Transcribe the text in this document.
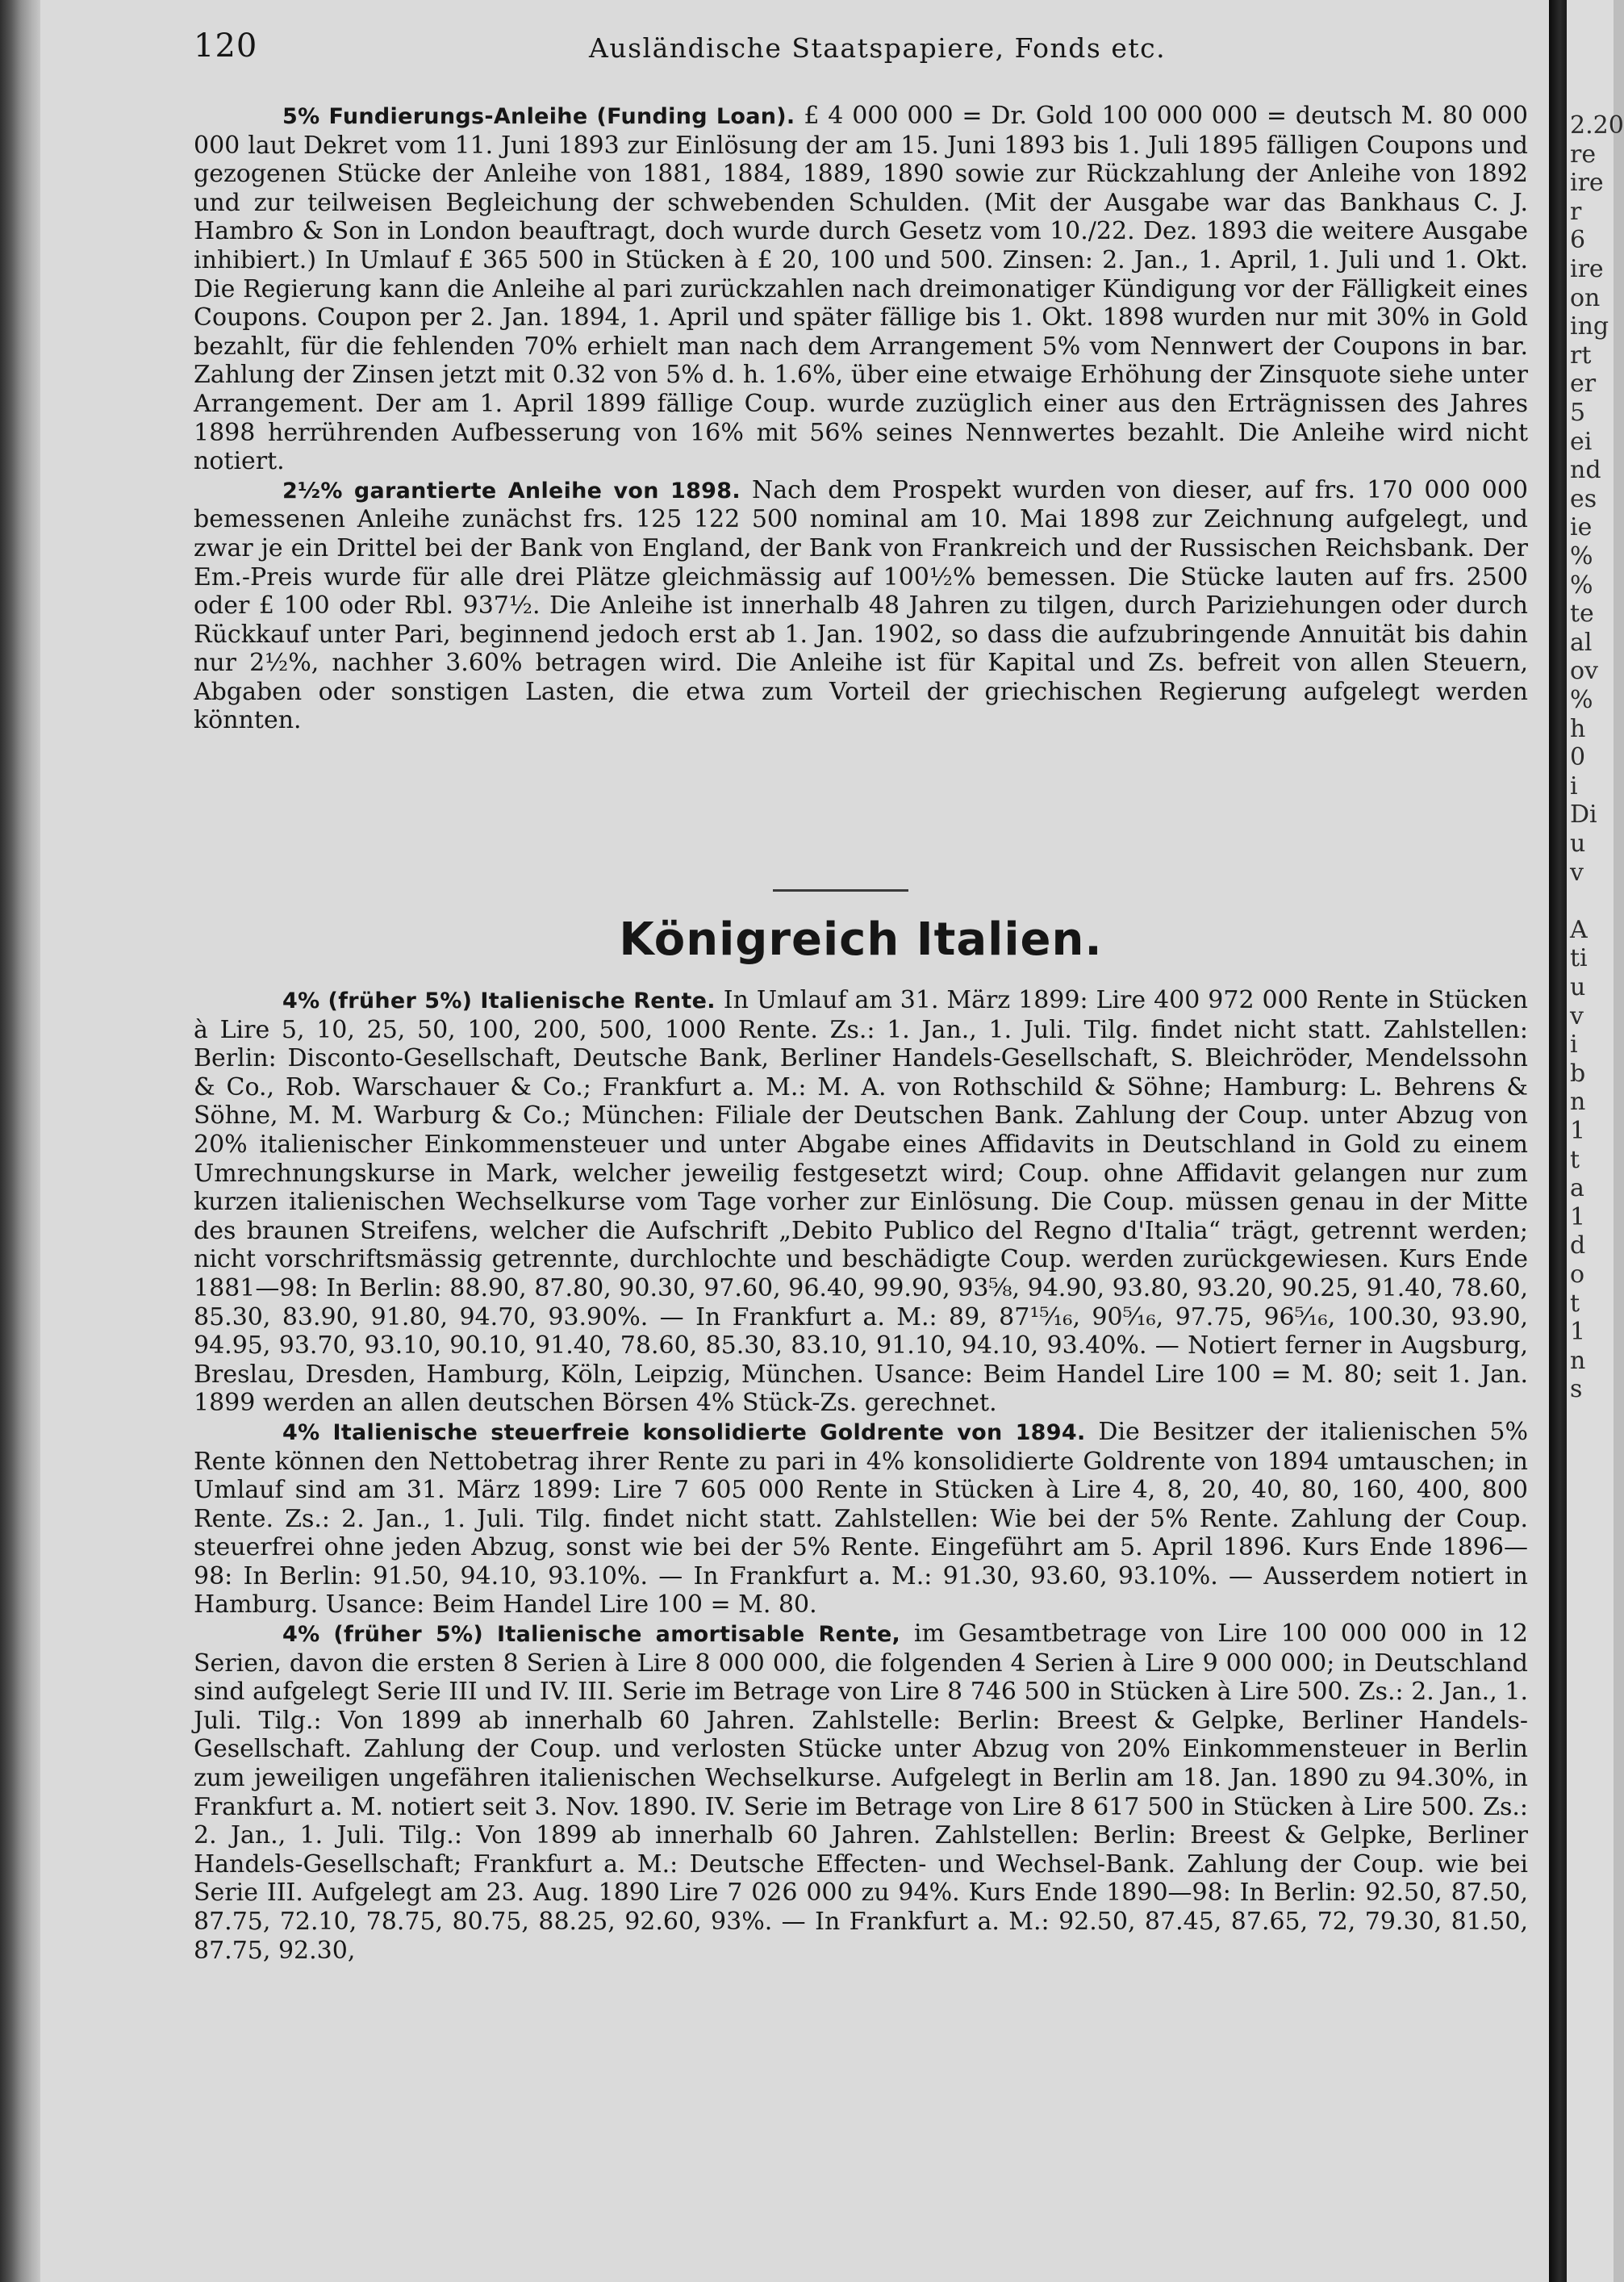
2.20
re
ire
r
6
ire
on
ing
rt
er
5
ei
nd
es
ie
%
%
te
al
ov
%
h
0
i
Di
u
v
A
ti
u
v
i
b
n
1
t
a
1
d
o
t
1
n
s
120	Ausländische Staatspapiere, Fonds etc.

5% Fundierungs-Anleihe (Funding Loan). £ 4 000 000 = Dr. Gold 100 000 000 = deutsch M. 80 000 000 laut Dekret vom 11. Juni 1893 zur Einlösung der am 15. Juni 1893 bis 1. Juli 1895 fälligen Coupons und gezogenen Stücke der Anleihe von 1881, 1884, 1889, 1890 sowie zur Rückzahlung der Anleihe von 1892 und zur teilweisen Begleichung der schwebenden Schulden. (Mit der Ausgabe war das Bankhaus C. J. Hambro & Son in London beauftragt, doch wurde durch Gesetz vom 10./22. Dez. 1893 die weitere Ausgabe inhibiert.) In Umlauf £ 365 500 in Stücken à £ 20, 100 und 500. Zinsen: 2. Jan., 1. April, 1. Juli und 1. Okt. Die Regierung kann die Anleihe al pari zurückzahlen nach dreimonatiger Kündigung vor der Fälligkeit eines Coupons. Coupon per 2. Jan. 1894, 1. April und später fällige bis 1. Okt. 1898 wurden nur mit 30% in Gold bezahlt, für die fehlenden 70% erhielt man nach dem Arrangement 5% vom Nennwert der Coupons in bar. Zahlung der Zinsen jetzt mit 0.32 von 5% d. h. 1.6%, über eine etwaige Erhöhung der Zinsquote siehe unter Arrangement. Der am 1. April 1899 fällige Coup. wurde zuzüglich einer aus den Erträgnissen des Jahres 1898 herrührenden Aufbesserung von 16% mit 56% seines Nennwertes bezahlt. Die Anleihe wird nicht notiert.

2½% garantierte Anleihe von 1898. Nach dem Prospekt wurden von dieser, auf frs. 170 000 000 bemessenen Anleihe zunächst frs. 125 122 500 nominal am 10. Mai 1898 zur Zeichnung aufgelegt, und zwar je ein Drittel bei der Bank von England, der Bank von Frankreich und der Russischen Reichsbank. Der Em.-Preis wurde für alle drei Plätze gleichmässig auf 100½% bemessen. Die Stücke lauten auf frs. 2500 oder £ 100 oder Rbl. 937½. Die Anleihe ist innerhalb 48 Jahren zu tilgen, durch Pariziehungen oder durch Rückkauf unter Pari, beginnend jedoch erst ab 1. Jan. 1902, so dass die aufzubringende Annuität bis dahin nur 2½%, nachher 3.60% betragen wird. Die Anleihe ist für Kapital und Zs. befreit von allen Steuern, Abgaben oder sonstigen Lasten, die etwa zum Vorteil der griechischen Regierung aufgelegt werden könnten.

Königreich Italien.

4% (früher 5%) Italienische Rente. In Umlauf am 31. März 1899: Lire 400 972 000 Rente in Stücken à Lire 5, 10, 25, 50, 100, 200, 500, 1000 Rente. Zs.: 1. Jan., 1. Juli. Tilg. findet nicht statt. Zahlstellen: Berlin: Disconto-Gesellschaft, Deutsche Bank, Berliner Handels-Gesellschaft, S. Bleichröder, Mendelssohn & Co., Rob. Warschauer & Co.; Frankfurt a. M.: M. A. von Rothschild & Söhne; Hamburg: L. Behrens & Söhne, M. M. Warburg & Co.; München: Filiale der Deutschen Bank. Zahlung der Coup. unter Abzug von 20% italienischer Einkommensteuer und unter Abgabe eines Affidavits in Deutschland in Gold zu einem Umrechnungskurse in Mark, welcher jeweilig festgesetzt wird; Coup. ohne Affidavit gelangen nur zum kurzen italienischen Wechselkurse vom Tage vorher zur Einlösung. Die Coup. müssen genau in der Mitte des braunen Streifens, welcher die Aufschrift „Debito Publico del Regno d'Italia“ trägt, getrennt werden; nicht vorschriftsmässig getrennte, durchlochte und beschädigte Coup. werden zurückgewiesen. Kurs Ende 1881—98: In Berlin: 88.90, 87.80, 90.30, 97.60, 96.40, 99.90, 93⅝, 94.90, 93.80, 93.20, 90.25, 91.40, 78.60, 85.30, 83.90, 91.80, 94.70, 93.90%. — In Frankfurt a. M.: 89, 87¹⁵⁄₁₆, 90⁵⁄₁₆, 97.75, 96⁵⁄₁₆, 100.30, 93.90, 94.95, 93.70, 93.10, 90.10, 91.40, 78.60, 85.30, 83.10, 91.10, 94.10, 93.40%. — Notiert ferner in Augsburg, Breslau, Dresden, Hamburg, Köln, Leipzig, München. Usance: Beim Handel Lire 100 = M. 80; seit 1. Jan. 1899 werden an allen deutschen Börsen 4% Stück-Zs. gerechnet.

4% Italienische steuerfreie konsolidierte Goldrente von 1894. Die Besitzer der italienischen 5% Rente können den Nettobetrag ihrer Rente zu pari in 4% konsolidierte Goldrente von 1894 umtauschen; in Umlauf sind am 31. März 1899: Lire 7 605 000 Rente in Stücken à Lire 4, 8, 20, 40, 80, 160, 400, 800 Rente. Zs.: 2. Jan., 1. Juli. Tilg. findet nicht statt. Zahlstellen: Wie bei der 5% Rente. Zahlung der Coup. steuerfrei ohne jeden Abzug, sonst wie bei der 5% Rente. Eingeführt am 5. April 1896. Kurs Ende 1896—98: In Berlin: 91.50, 94.10, 93.10%. — In Frankfurt a. M.: 91.30, 93.60, 93.10%. — Ausserdem notiert in Hamburg. Usance: Beim Handel Lire 100 = M. 80.

4% (früher 5%) Italienische amortisable Rente, im Gesamtbetrage von Lire 100 000 000 in 12 Serien, davon die ersten 8 Serien à Lire 8 000 000, die folgenden 4 Serien à Lire 9 000 000; in Deutschland sind aufgelegt Serie III und IV. III. Serie im Betrage von Lire 8 746 500 in Stücken à Lire 500. Zs.: 2. Jan., 1. Juli. Tilg.: Von 1899 ab innerhalb 60 Jahren. Zahlstelle: Berlin: Breest & Gelpke, Berliner Handels-Gesellschaft. Zahlung der Coup. und verlosten Stücke unter Abzug von 20% Einkommensteuer in Berlin zum jeweiligen ungefähren italienischen Wechselkurse. Aufgelegt in Berlin am 18. Jan. 1890 zu 94.30%, in Frankfurt a. M. notiert seit 3. Nov. 1890. IV. Serie im Betrage von Lire 8 617 500 in Stücken à Lire 500. Zs.: 2. Jan., 1. Juli. Tilg.: Von 1899 ab innerhalb 60 Jahren. Zahlstellen: Berlin: Breest & Gelpke, Berliner Handels-Gesellschaft; Frankfurt a. M.: Deutsche Effecten- und Wechsel-Bank. Zahlung der Coup. wie bei Serie III. Aufgelegt am 23. Aug. 1890 Lire 7 026 000 zu 94%. Kurs Ende 1890—98: In Berlin: 92.50, 87.50, 87.75, 72.10, 78.75, 80.75, 88.25, 92.60, 93%. — In Frankfurt a. M.: 92.50, 87.45, 87.65, 72, 79.30, 81.50, 87.75, 92.30,
